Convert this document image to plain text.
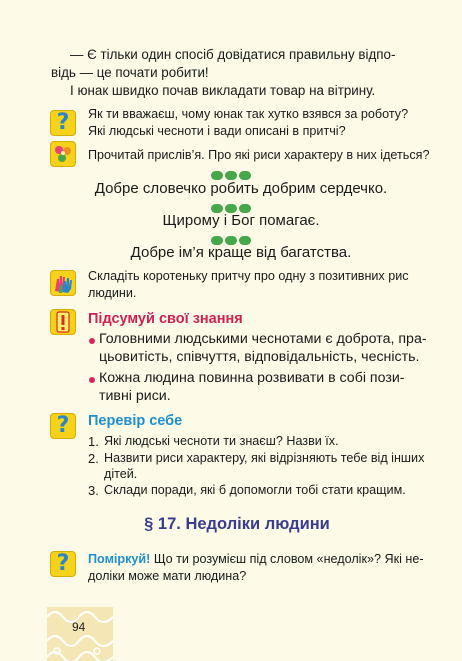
— Є тільки один спосіб довідатися правильну відпо-
відь — це почати робити!
І юнак швидко почав викладати товар на вітрину.
? Як ти вважаєш, чому юнак так хутко взявся за роботу?
Які людські чесноти і вади описані в притчі?
Прочитай прислів’я. Про які риси характеру в них ідеться?
Добре словечко робить добрим сердечко.
Щирому і Бог помагає.
Добре ім’я краще від багатства.
Складіть коротеньку притчу про одну з позитивних рис
людини.
Підсумуй свої знання
Головними людськими чеснотами є доброта, пра-
цьовитість, співчуття, відповідальність, чесність.
Кожна людина повинна розвивати в собі пози-
тивні риси.
? Перевір себе
1. Які людські чесноти ти знаєш? Назви їх.
2. Назвити риси характеру, які відрізняють тебе від інших
дітей.
3. Склади поради, які б допомогли тобі стати кращим.
§ 17. Недоліки людини
? Поміркуй! Що ти розумієш під словом «недолік»? Які не-
доліки може мати людина?
94
